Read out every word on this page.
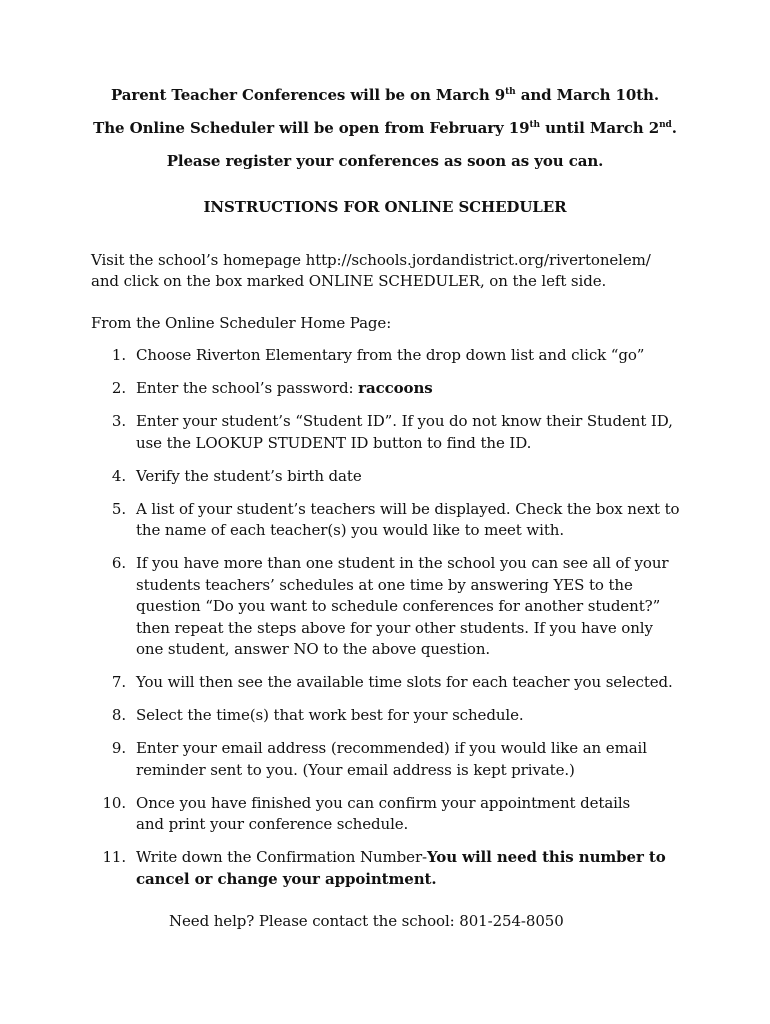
Parent Teacher Conferences will be on March 9th and March 10th.
The Online Scheduler will be open from February 19th until March 2nd.
Please register your conferences as soon as you can.
INSTRUCTIONS FOR ONLINE SCHEDULER
Visit the school’s homepage http://schools.jordandistrict.org/rivertonelem/
and click on the box marked ONLINE SCHEDULER, on the left side.
From the Online Scheduler Home Page:
1. Choose Riverton Elementary from the drop down list and click “go”
2. Enter the school’s password: raccoons
3. Enter your student’s “Student ID”. If you do not know their Student ID,
use the LOOKUP STUDENT ID button to find the ID.
4. Verify the student’s birth date
5. A list of your student’s teachers will be displayed. Check the box next to
the name of each teacher(s) you would like to meet with.
6. If you have more than one student in the school you can see all of your
students teachers’ schedules at one time by answering YES to the
question “Do you want to schedule conferences for another student?”
then repeat the steps above for your other students. If you have only
one student, answer NO to the above question.
7. You will then see the available time slots for each teacher you selected.
8. Select the time(s) that work best for your schedule.
9. Enter your email address (recommended) if you would like an email
reminder sent to you. (Your email address is kept private.)
10. Once you have finished you can confirm your appointment details
and print your conference schedule.
11. Write down the Confirmation Number-You will need this number to
cancel or change your appointment.
Need help? Please contact the school: 801-254-8050
